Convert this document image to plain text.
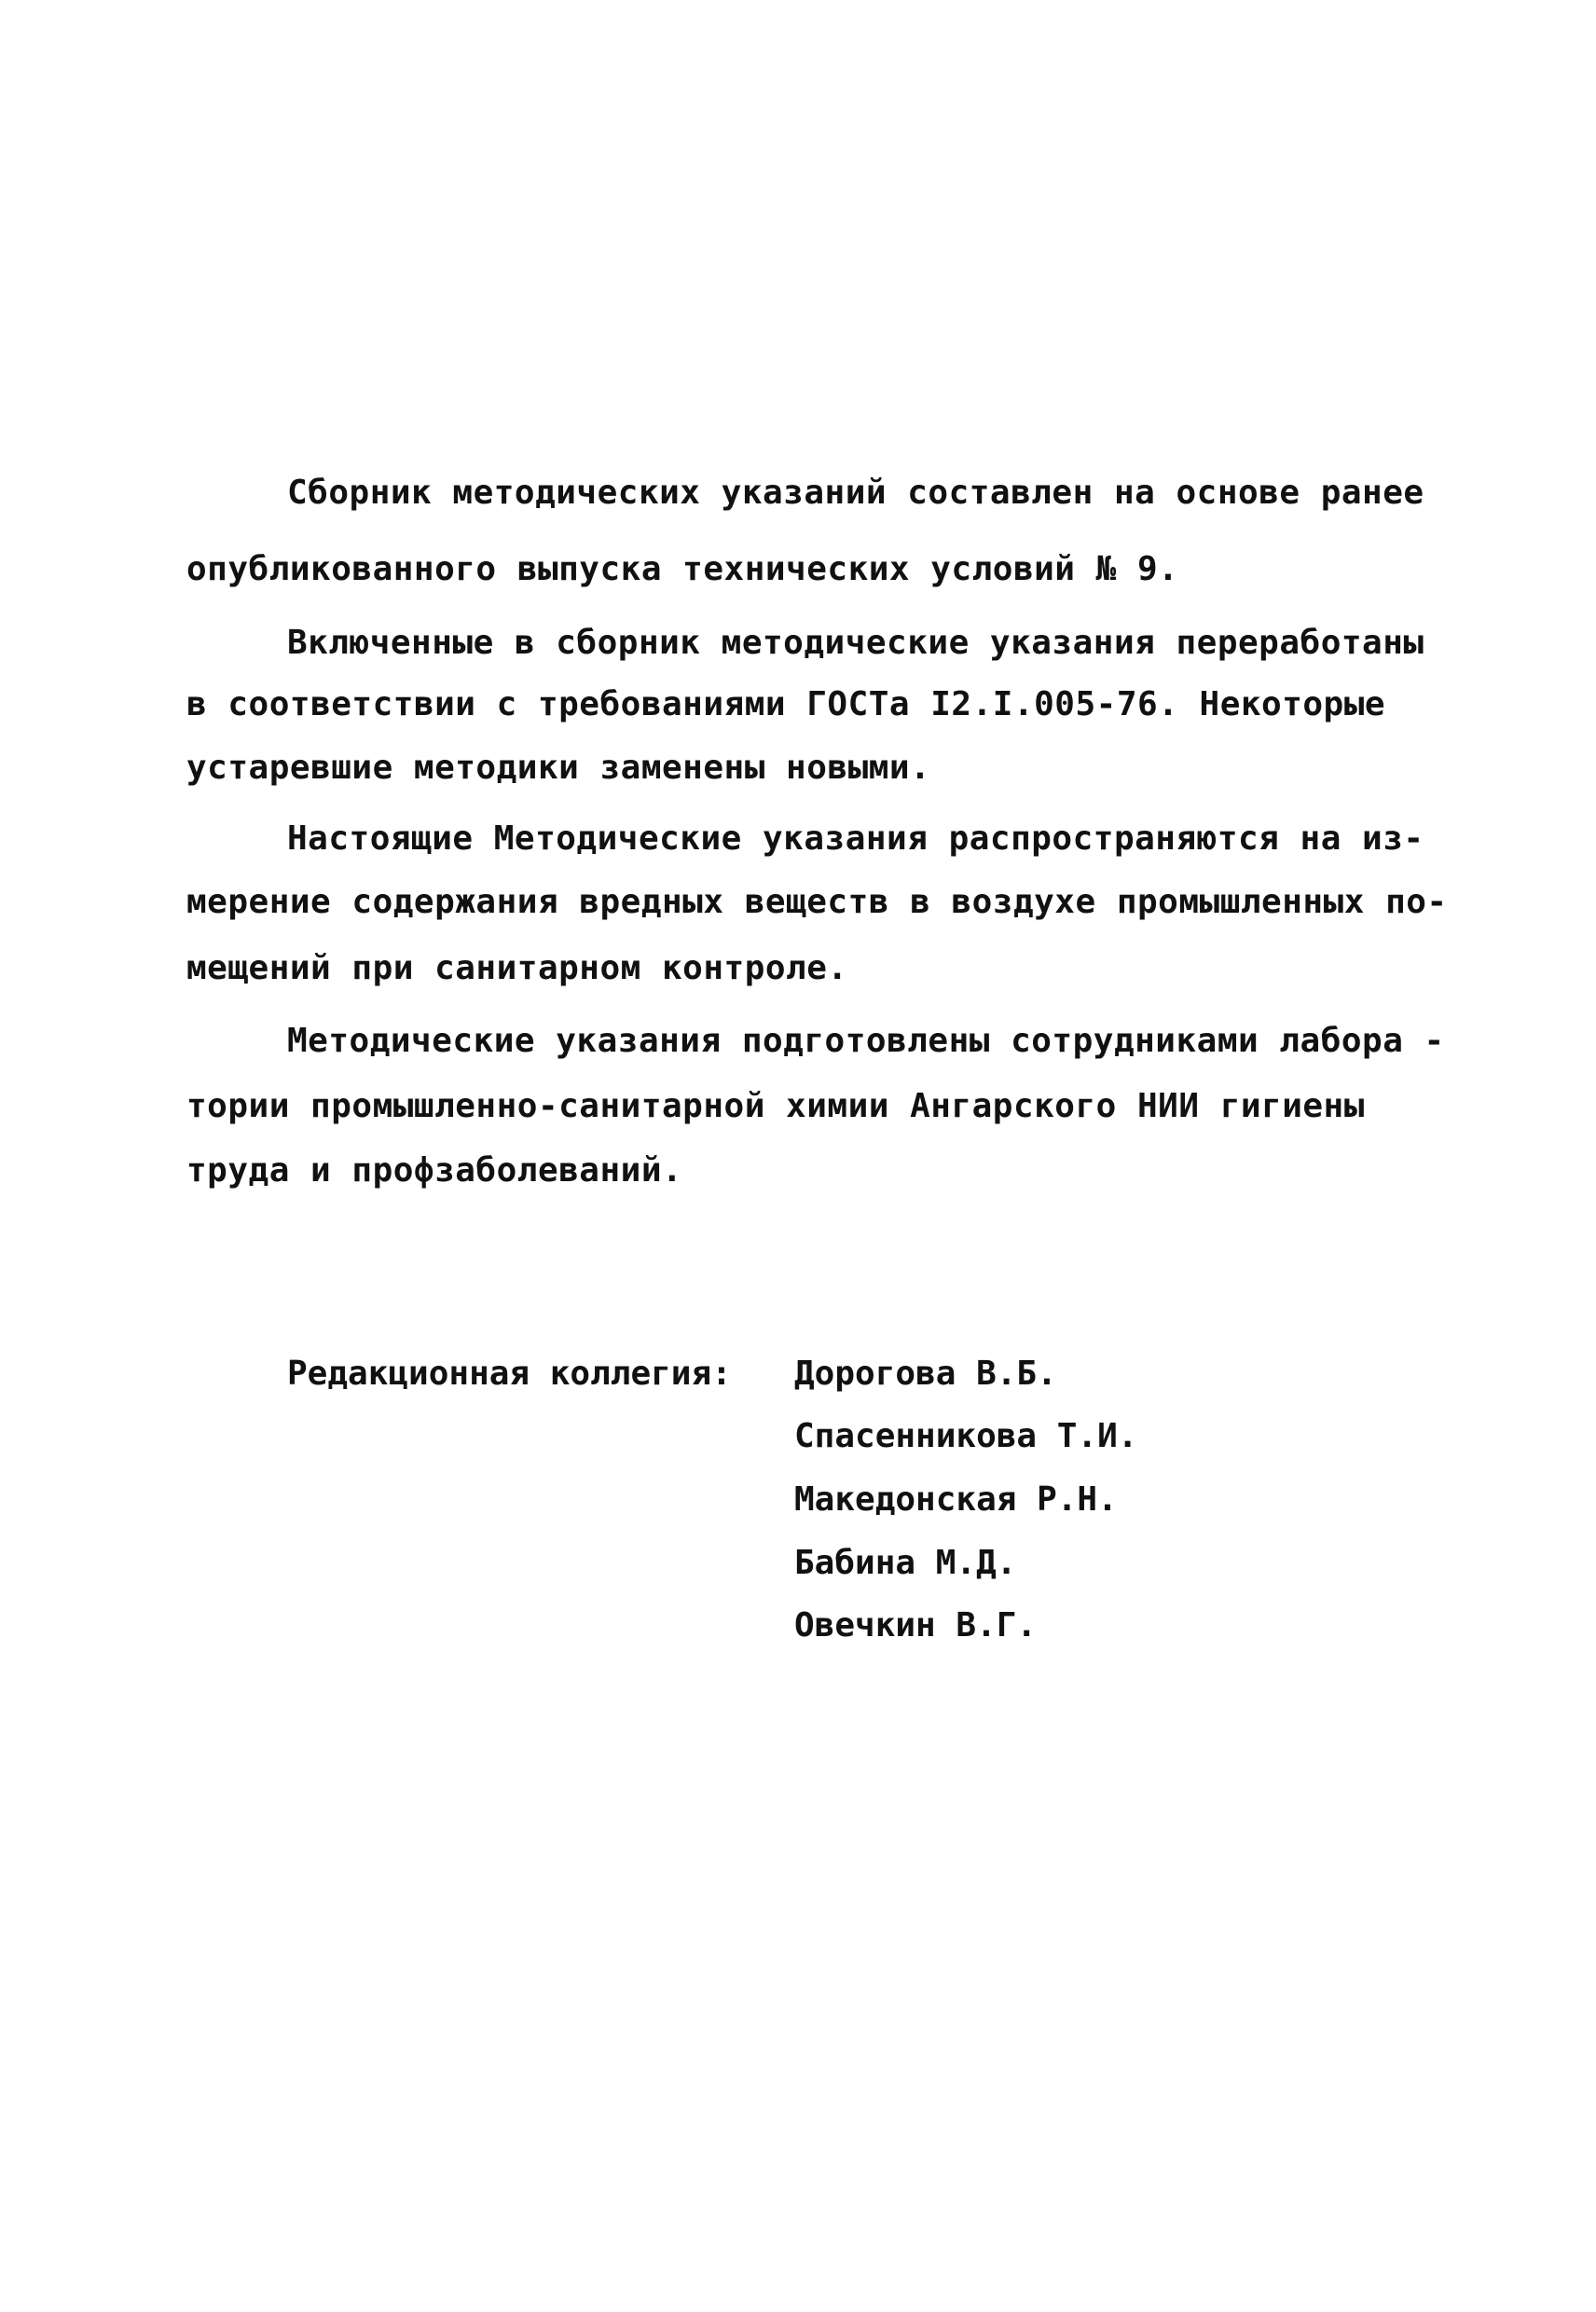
Сборник методических указаний составлен на основе ранее
опубликованного выпуска технических условий № 9.
Включенные в сборник методические указания переработаны
в соответствии с требованиями ГОСТа I2.I.005-76. Некоторые
устаревшие методики заменены новыми.
Настоящие Методические указания распространяются на из-
мерение содержания вредных веществ в воздухе промышленных по-
мещений при санитарном контроле.
Методические указания подготовлены сотрудниками лабора -
тории промышленно-санитарной химии Ангарского НИИ гигиены
труда и профзаболеваний.
Редакционная коллегия: Дорогова В.Б.
Спасенникова Т.И.
Македонская Р.Н.
Бабина М.Д.
Овечкин В.Г.
